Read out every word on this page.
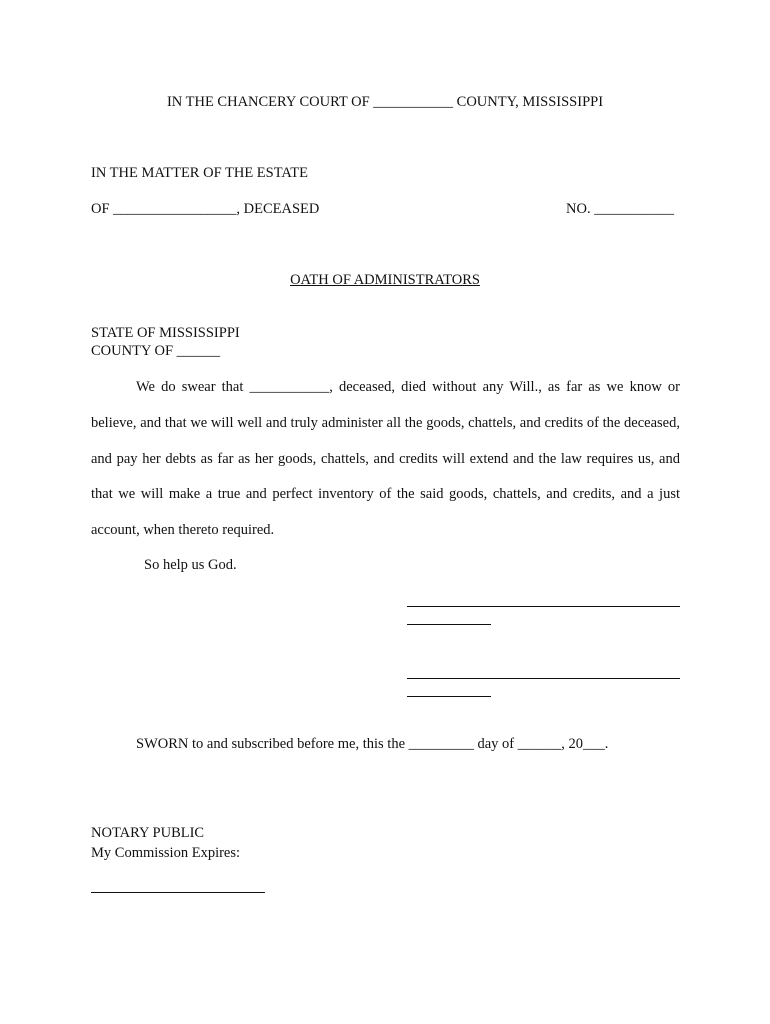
IN THE CHANCERY COURT OF ___________ COUNTY, MISSISSIPPI
IN THE MATTER OF THE ESTATE
OF _________________, DECEASED	NO. ___________
OATH OF ADMINISTRATORS
STATE OF MISSISSIPPI
COUNTY OF ______
We do swear that ___________, deceased, died without any Will., as far as we know or believe, and that we will well and truly administer all the goods, chattels, and credits of the deceased, and pay her debts as far as her goods, chattels, and credits will extend and the law requires us, and that we will make a true and perfect inventory of the said goods, chattels, and credits, and a just account, when thereto required.
So help us God.
SWORN to and subscribed before me, this the _________ day of ______, 20___.
NOTARY PUBLIC
My Commission Expires:
